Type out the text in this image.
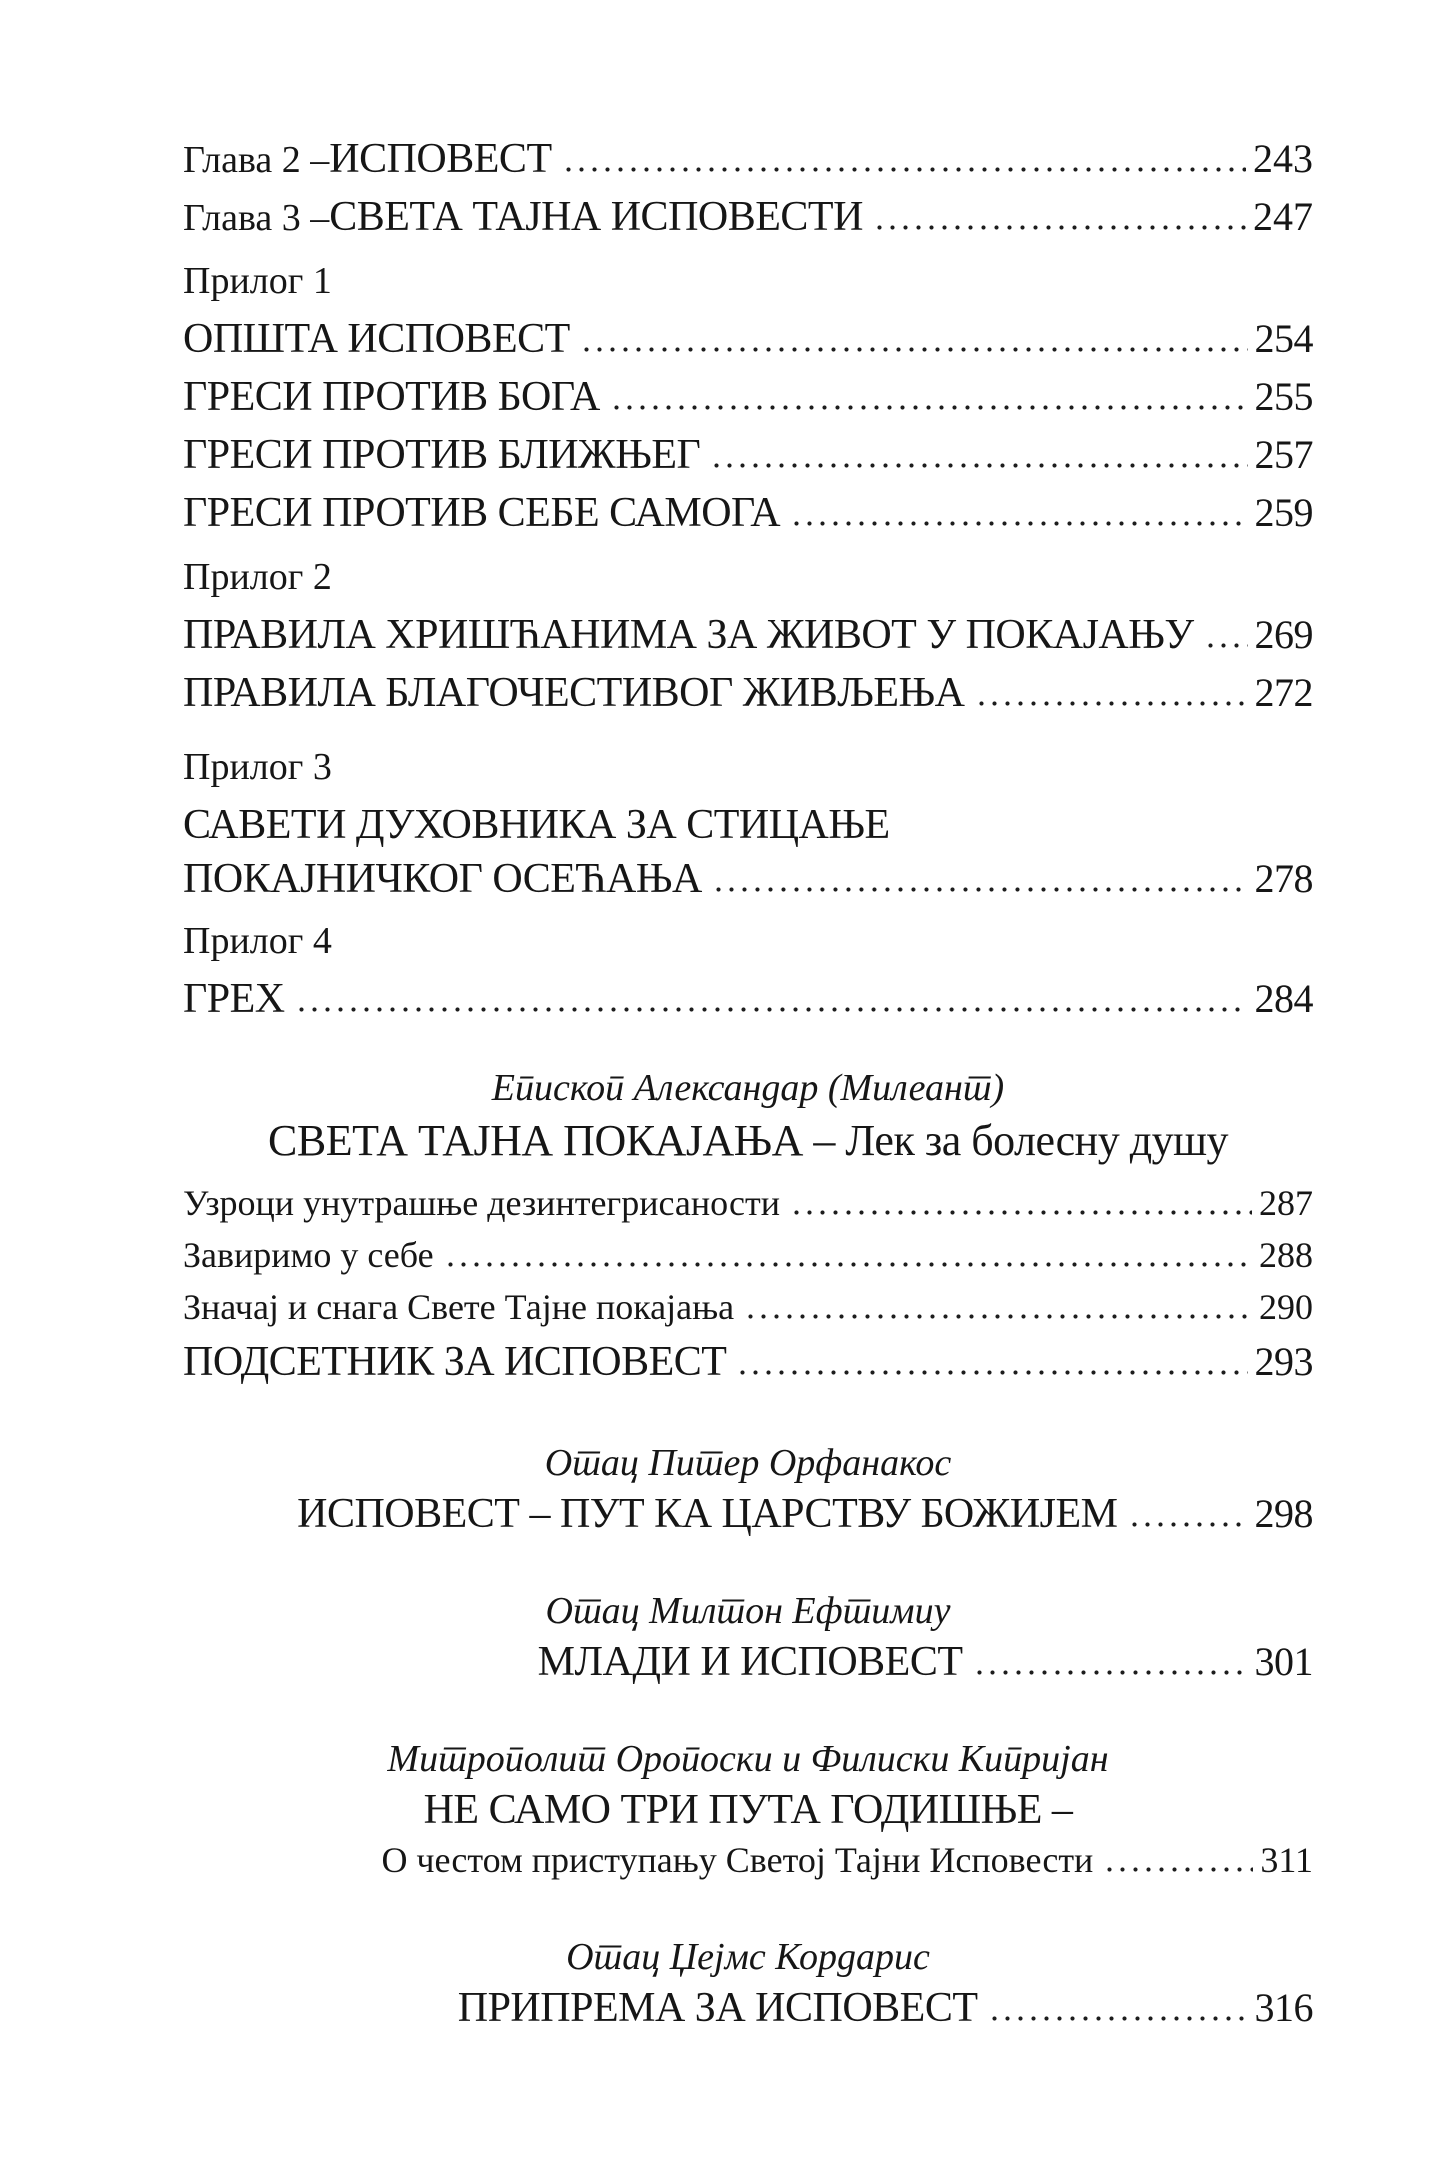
Глава 2 – ИСПОВЕСТ	243
Глава 3 – СВЕТА ТАЈНА ИСПОВЕСТИ	247
Прилог 1
ОПШТА ИСПОВЕСТ	254
ГРЕСИ ПРОТИВ БОГА	255
ГРЕСИ ПРОТИВ БЛИЖЊЕГ	257
ГРЕСИ ПРОТИВ СЕБЕ САМОГА	259
Прилог 2
ПРАВИЛА ХРИШЋАНИМА ЗА ЖИВОТ У ПОКАЈАЊУ 269
ПРАВИЛА БЛАГОЧЕСТИВОГ ЖИВЉЕЊА	272
Прилог 3
САВЕТИ ДУХОВНИКА ЗА СТИЦАЊЕ
ПОКАЈНИЧКОГ ОСЕЋАЊА	278
Прилог 4
ГРЕХ	284
Епископ Александар (Милеант)
СВЕТА ТАЈНА ПОКАЈАЊА – Лек за болесну душу
Узроци унутрашње дезинтегрисаности	287
Завиримо у себе	288
Значај и снага Свете Тајне покајања	290
ПОДСЕТНИК ЗА ИСПОВЕСТ	293
Отац Питер Орфанакос
ИСПОВЕСТ – ПУТ КА ЦАРСТВУ БОЖИЈЕМ	298
Отац Милтон Ефтимиу
МЛАДИ И ИСПОВЕСТ	301
Митрополит Оропоски и Филиски Кипријан
НЕ САМО ТРИ ПУТА ГОДИШЊЕ –
О честом приступању Светој Тајни Исповести	311
Отац Џејмс Кордарис
ПРИПРЕМА ЗА ИСПОВЕСТ	316
